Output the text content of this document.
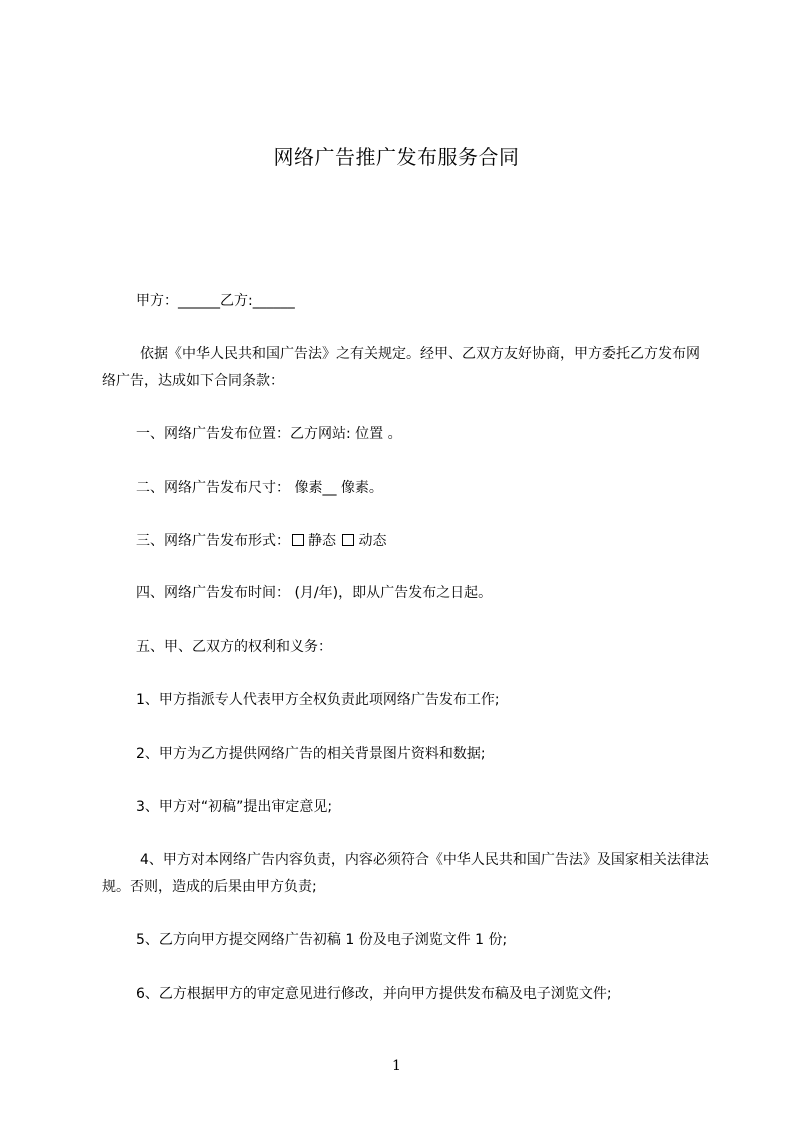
网络广告推广发布服务合同
甲方：______乙方:______
依据《中华人民共和国广告法》之有关规定。经甲、乙双方友好协商，甲方委托乙方发布网络广告，达成如下合同条款：
一、网络广告发布位置：乙方网站: 位置 。
二、网络广告发布尺寸： 像素__ 像素。
三、网络广告发布形式： 静态 动态
四、网络广告发布时间： (月/年)，即从广告发布之日起。
五、甲、乙双方的权利和义务：
1、甲方指派专人代表甲方全权负责此项网络广告发布工作;
2、甲方为乙方提供网络广告的相关背景图片资料和数据;
3、甲方对“初稿”提出审定意见;
4、甲方对本网络广告内容负责，内容必须符合《中华人民共和国广告法》及国家相关法律法规。否则，造成的后果由甲方负责;
5、乙方向甲方提交网络广告初稿 1 份及电子浏览文件 1 份;
6、乙方根据甲方的审定意见进行修改，并向甲方提供发布稿及电子浏览文件;
1
